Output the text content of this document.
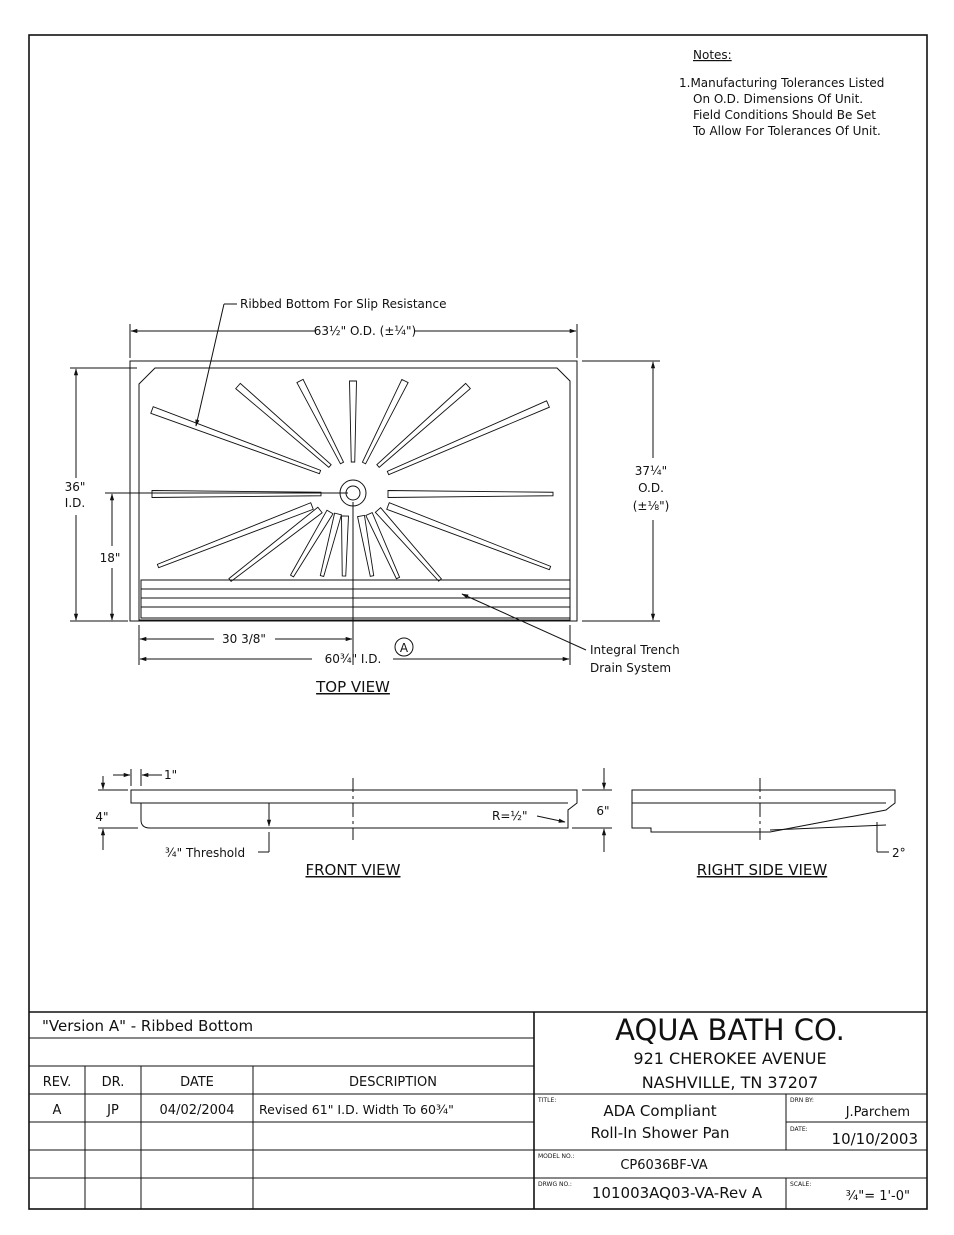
Notes:
1.Manufacturing Tolerances Listed
On O.D. Dimensions Of Unit.
Field Conditions Should Be Set
To Allow For Tolerances Of Unit.
Ribbed Bottom For Slip Resistance
63½" O.D. (±¼")
36"
I.D.
18"
37¼"
O.D.
(±⅛")
30 3/8"
60¾" I.D.
A	Integral Trench
Drain System
TOP VIEW
1"
4"	6"
R=½"
¾" Threshold
FRONT VIEW
2°
RIGHT SIDE VIEW
"Version A" - Ribbed Bottom
REV. DR.	DATE	DESCRIPTION
A	JP	04/02/2004 Revised 61" I.D. Width To 60¾"
AQUA BATH CO.
921 CHEROKEE AVENUE
NASHVILLE, TN 37207
TITLE:
ADA Compliant
Roll-In Shower Pan
DRN BY:
J.Parchem
DATE:
10/10/2003
MODEL NO.:
CP6036BF-VA
DRWG NO.: 101003AQ03-VA-Rev A	SCALE:
¾"= 1'-0"
